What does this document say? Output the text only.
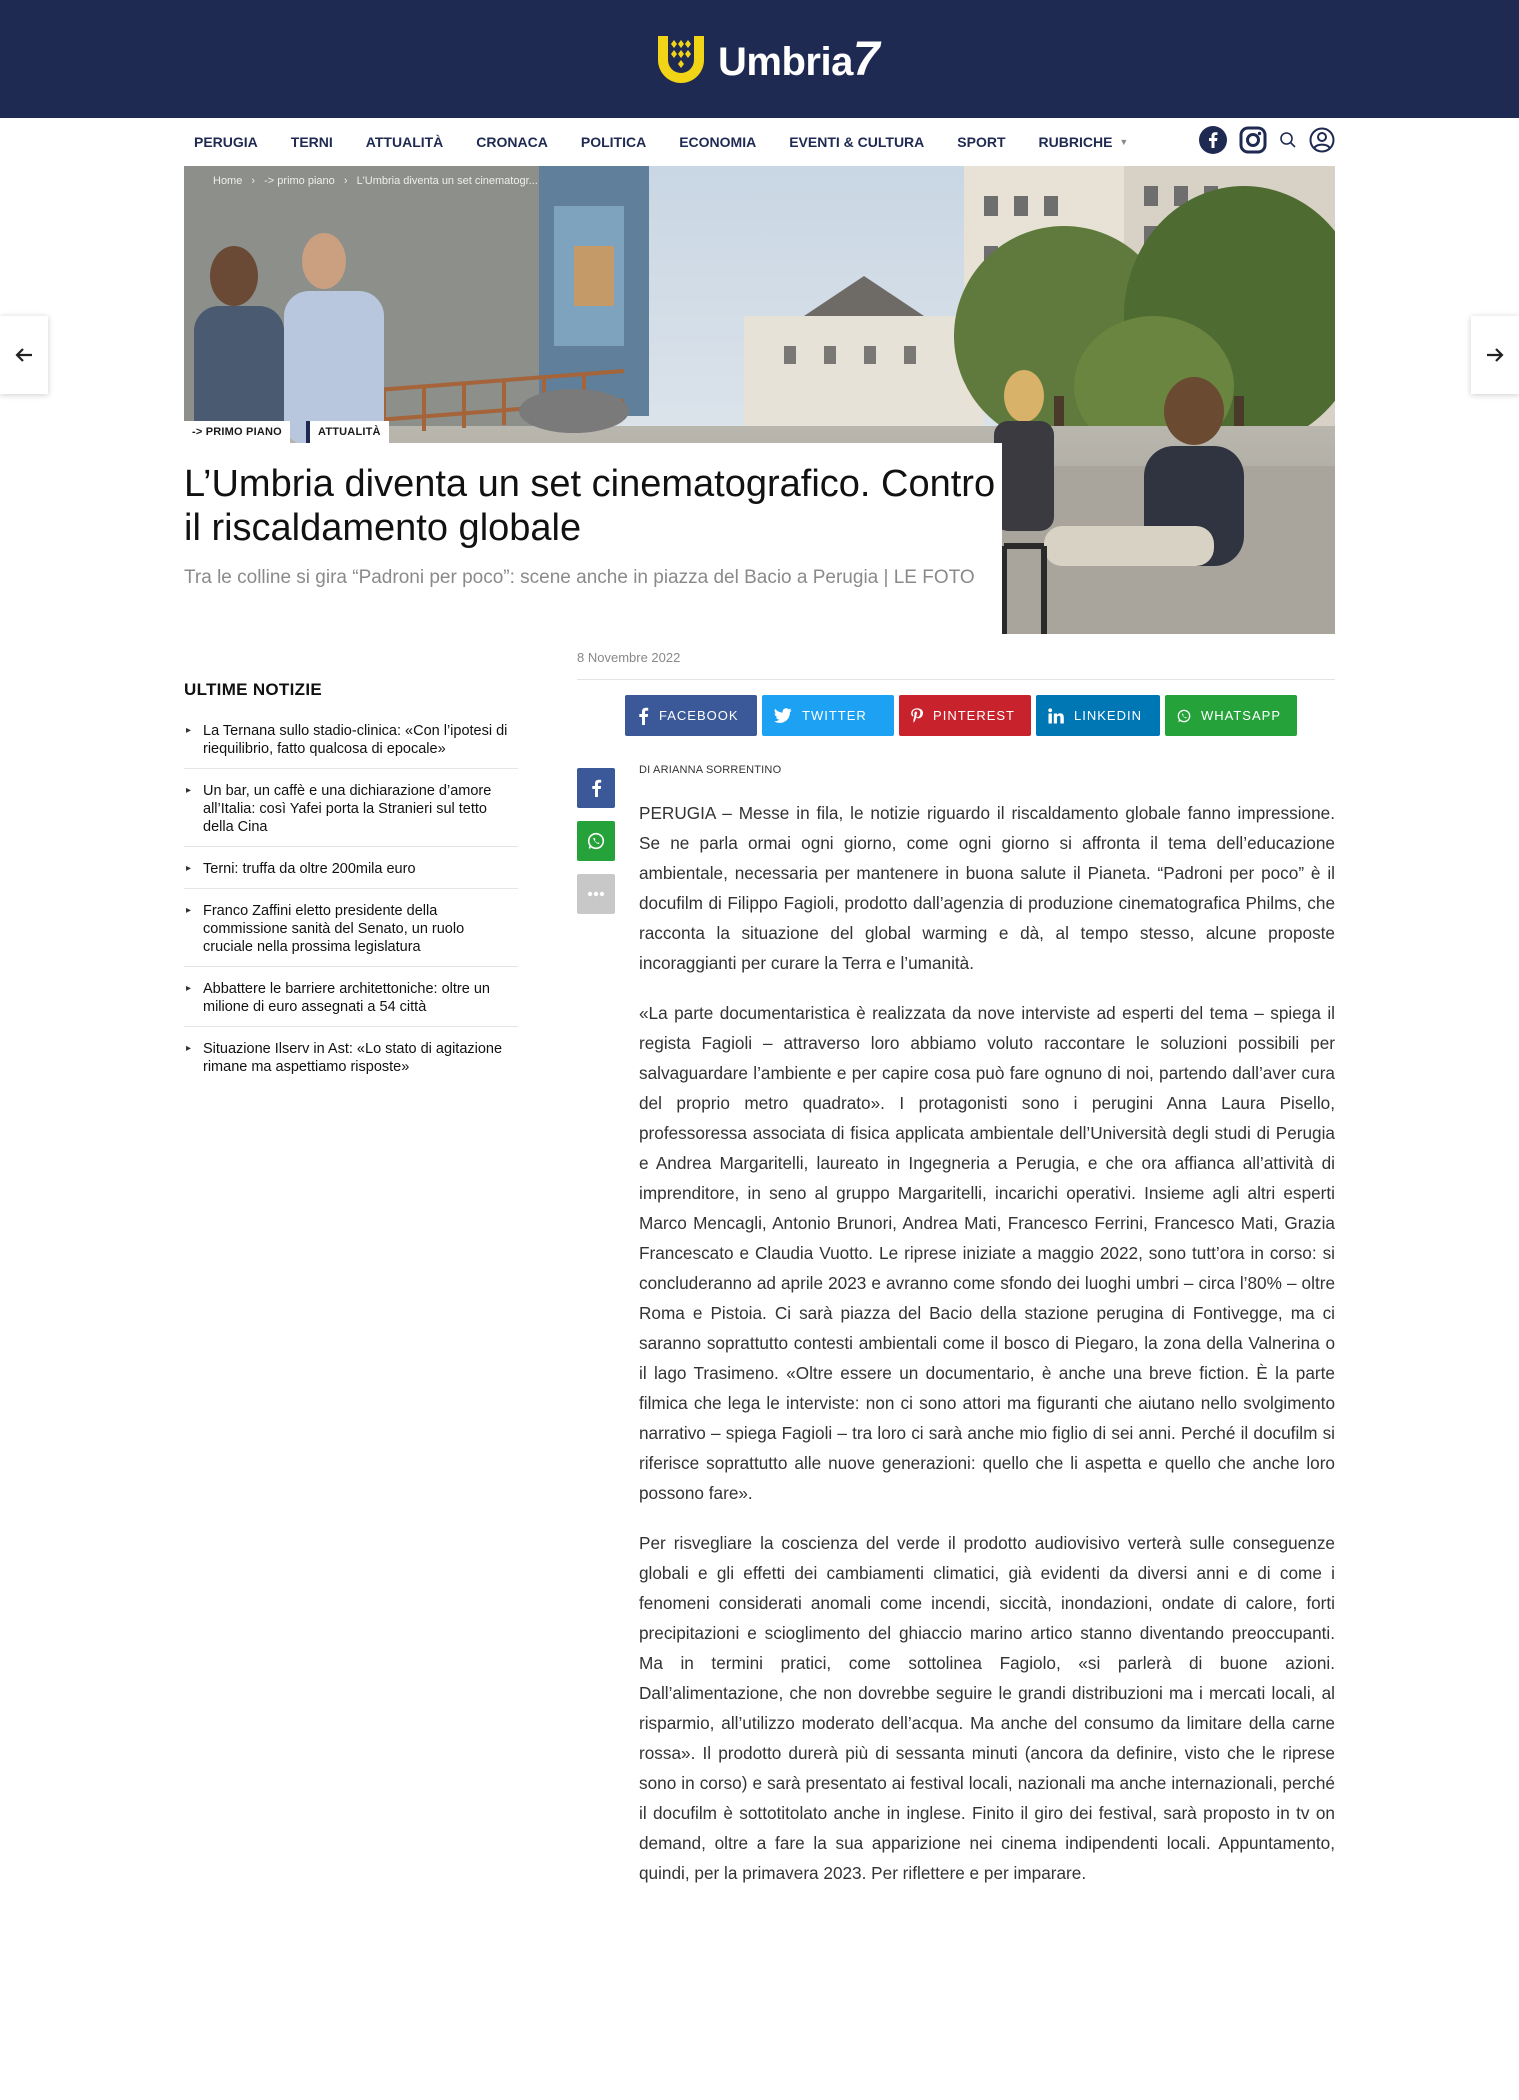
Umbria7
PERUGIA TERNI ATTUALITÀ CRONACA POLITICA ECONOMIA EVENTI & CULTURA SPORT RUBRICHE ▼
Home › -> primo piano › L'Umbria diventa un set cinematogr...
-> PRIMO PIANO	ATTUALITÀ
L’Umbria diventa un set cinematografico. Contro il riscaldamento globale

Tra le colline si gira “Padroni per poco”: scene anche in piazza del Bacio a Perugia | LE FOTO

ULTIME NOTIZIE
▸ La Ternana sullo stadio-clinica: «Con l’ipotesi di riequilibrio, fatto qualcosa di epocale»
▸ Un bar, un caffè e una dichiarazione d’amore all’Italia: così Yafei porta la Stranieri sul tetto della Cina
▸ Terni: truffa da oltre 200mila euro
▸ Franco Zaffini eletto presidente della commissione sanità del Senato, un ruolo cruciale nella prossima legislatura
▸ Abbattere le barriere architettoniche: oltre un milione di euro assegnati a 54 città
▸ Situazione Ilserv in Ast: «Lo stato di agitazione rimane ma aspettiamo risposte»
8 Novembre 2022
FACEBOOK	TWITTER	PINTEREST	LINKEDIN	WHATSAPP
DI ARIANNA SORRENTINO

PERUGIA – Messe in fila, le notizie riguardo il riscaldamento globale fanno impressione. Se ne parla ormai ogni giorno, come ogni giorno si affronta il tema dell’educazione ambientale, necessaria per mantenere in buona salute il Pianeta. “Padroni per poco” è il docufilm di Filippo Fagioli, prodotto dall’agenzia di produzione cinematografica Philms, che racconta la situazione del global warming e dà, al tempo stesso, alcune proposte incoraggianti per curare la Terra e l’umanità.

«La parte documentaristica è realizzata da nove interviste ad esperti del tema – spiega il regista Fagioli – attraverso loro abbiamo voluto raccontare le soluzioni possibili per salvaguardare l’ambiente e per capire cosa può fare ognuno di noi, partendo dall’aver cura del proprio metro quadrato». I protagonisti sono i perugini Anna Laura Pisello, professoressa associata di fisica applicata ambientale dell’Università degli studi di Perugia e Andrea Margaritelli, laureato in Ingegneria a Perugia, e che ora affianca all’attività di imprenditore, in seno al gruppo Margaritelli, incarichi operativi. Insieme agli altri esperti Marco Mencagli, Antonio Brunori, Andrea Mati, Francesco Ferrini, Francesco Mati, Grazia Francescato e Claudia Vuotto. Le riprese iniziate a maggio 2022, sono tutt’ora in corso: si concluderanno ad aprile 2023 e avranno come sfondo dei luoghi umbri – circa l’80% – oltre Roma e Pistoia. Ci sarà piazza del Bacio della stazione perugina di Fontivegge, ma ci saranno soprattutto contesti ambientali come il bosco di Piegaro, la zona della Valnerina o il lago Trasimeno. «Oltre essere un documentario, è anche una breve fiction. È la parte filmica che lega le interviste: non ci sono attori ma figuranti che aiutano nello svolgimento narrativo – spiega Fagioli – tra loro ci sarà anche mio figlio di sei anni. Perché il docufilm si riferisce soprattutto alle nuove generazioni: quello che li aspetta e quello che anche loro possono fare».

Per risvegliare la coscienza del verde il prodotto audiovisivo verterà sulle conseguenze globali e gli effetti dei cambiamenti climatici, già evidenti da diversi anni e di come i fenomeni considerati anomali come incendi, siccità, inondazioni, ondate di calore, forti precipitazioni e scioglimento del ghiaccio marino artico stanno diventando preoccupanti. Ma in termini pratici, come sottolinea Fagiolo, «si parlerà di buone azioni. Dall’alimentazione, che non dovrebbe seguire le grandi distribuzioni ma i mercati locali, al risparmio, all’utilizzo moderato dell’acqua. Ma anche del consumo da limitare della carne rossa». Il prodotto durerà più di sessanta minuti (ancora da definire, visto che le riprese sono in corso) e sarà presentato ai festival locali, nazionali ma anche internazionali, perché il docufilm è sottotitolato anche in inglese. Finito il giro dei festival, sarà proposto in tv on demand, oltre a fare la sua apparizione nei cinema indipendenti locali. Appuntamento, quindi, per la primavera 2023. Per riflettere e per imparare.
